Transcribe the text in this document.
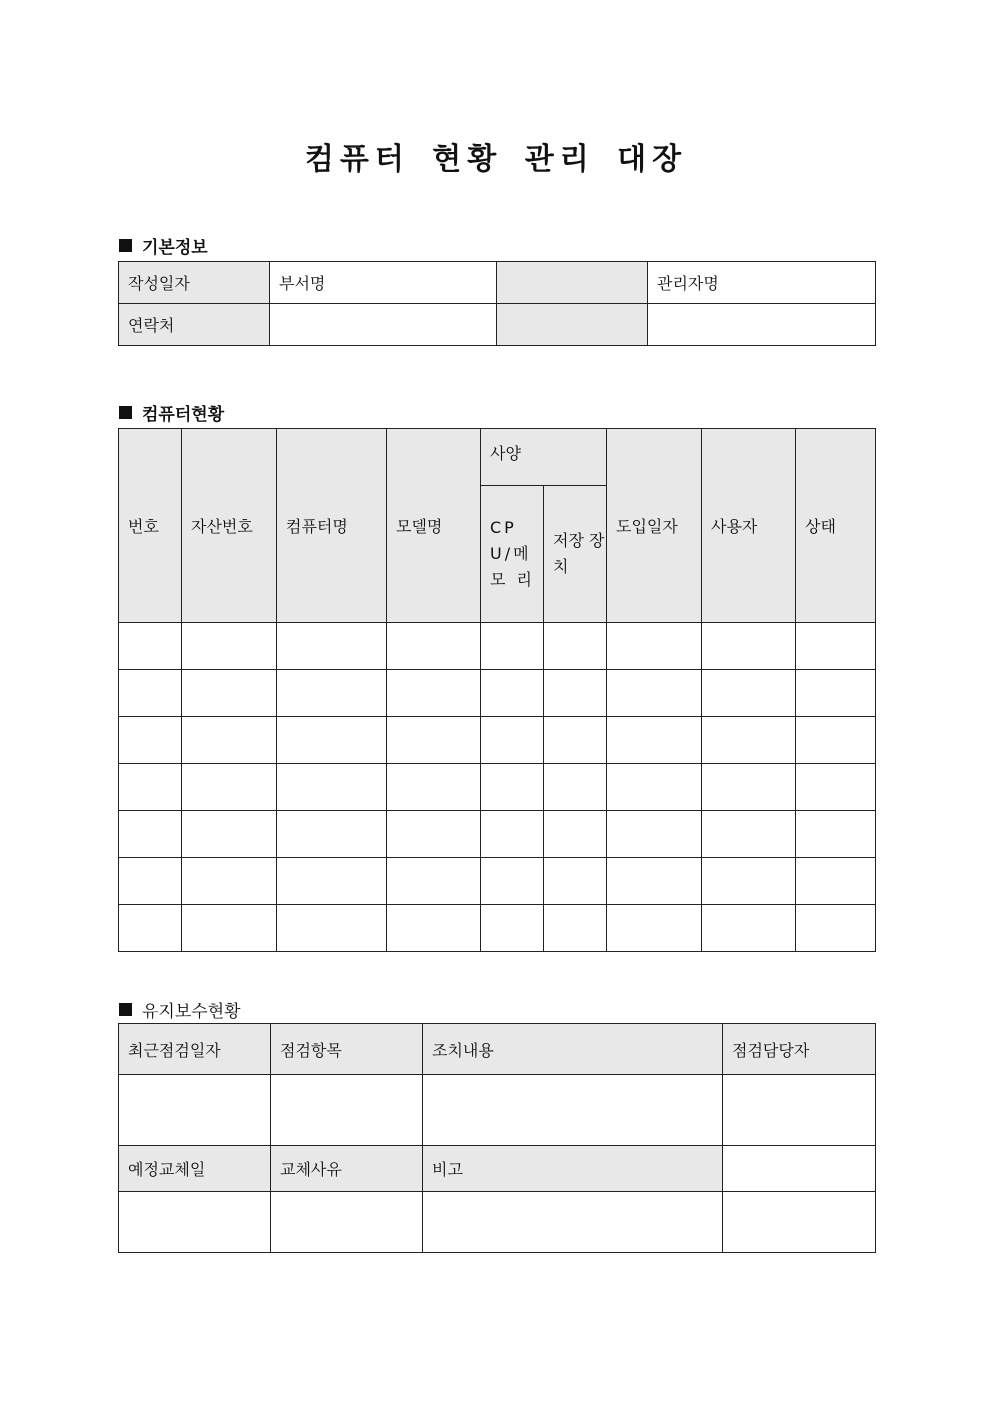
컴퓨터 현황 관리 대장
기본정보
작성일자	부서명		관리자명
연락처			
컴퓨터현황
번호	자산번호	컴퓨터명	모델명	사양		도입일자	사용자	상태
				CPU/메 모 리	저장 장치			

유지보수현황
최근점검일자	점검항목	조치내용	점검담당자

예정교체일	교체사유	비고	
